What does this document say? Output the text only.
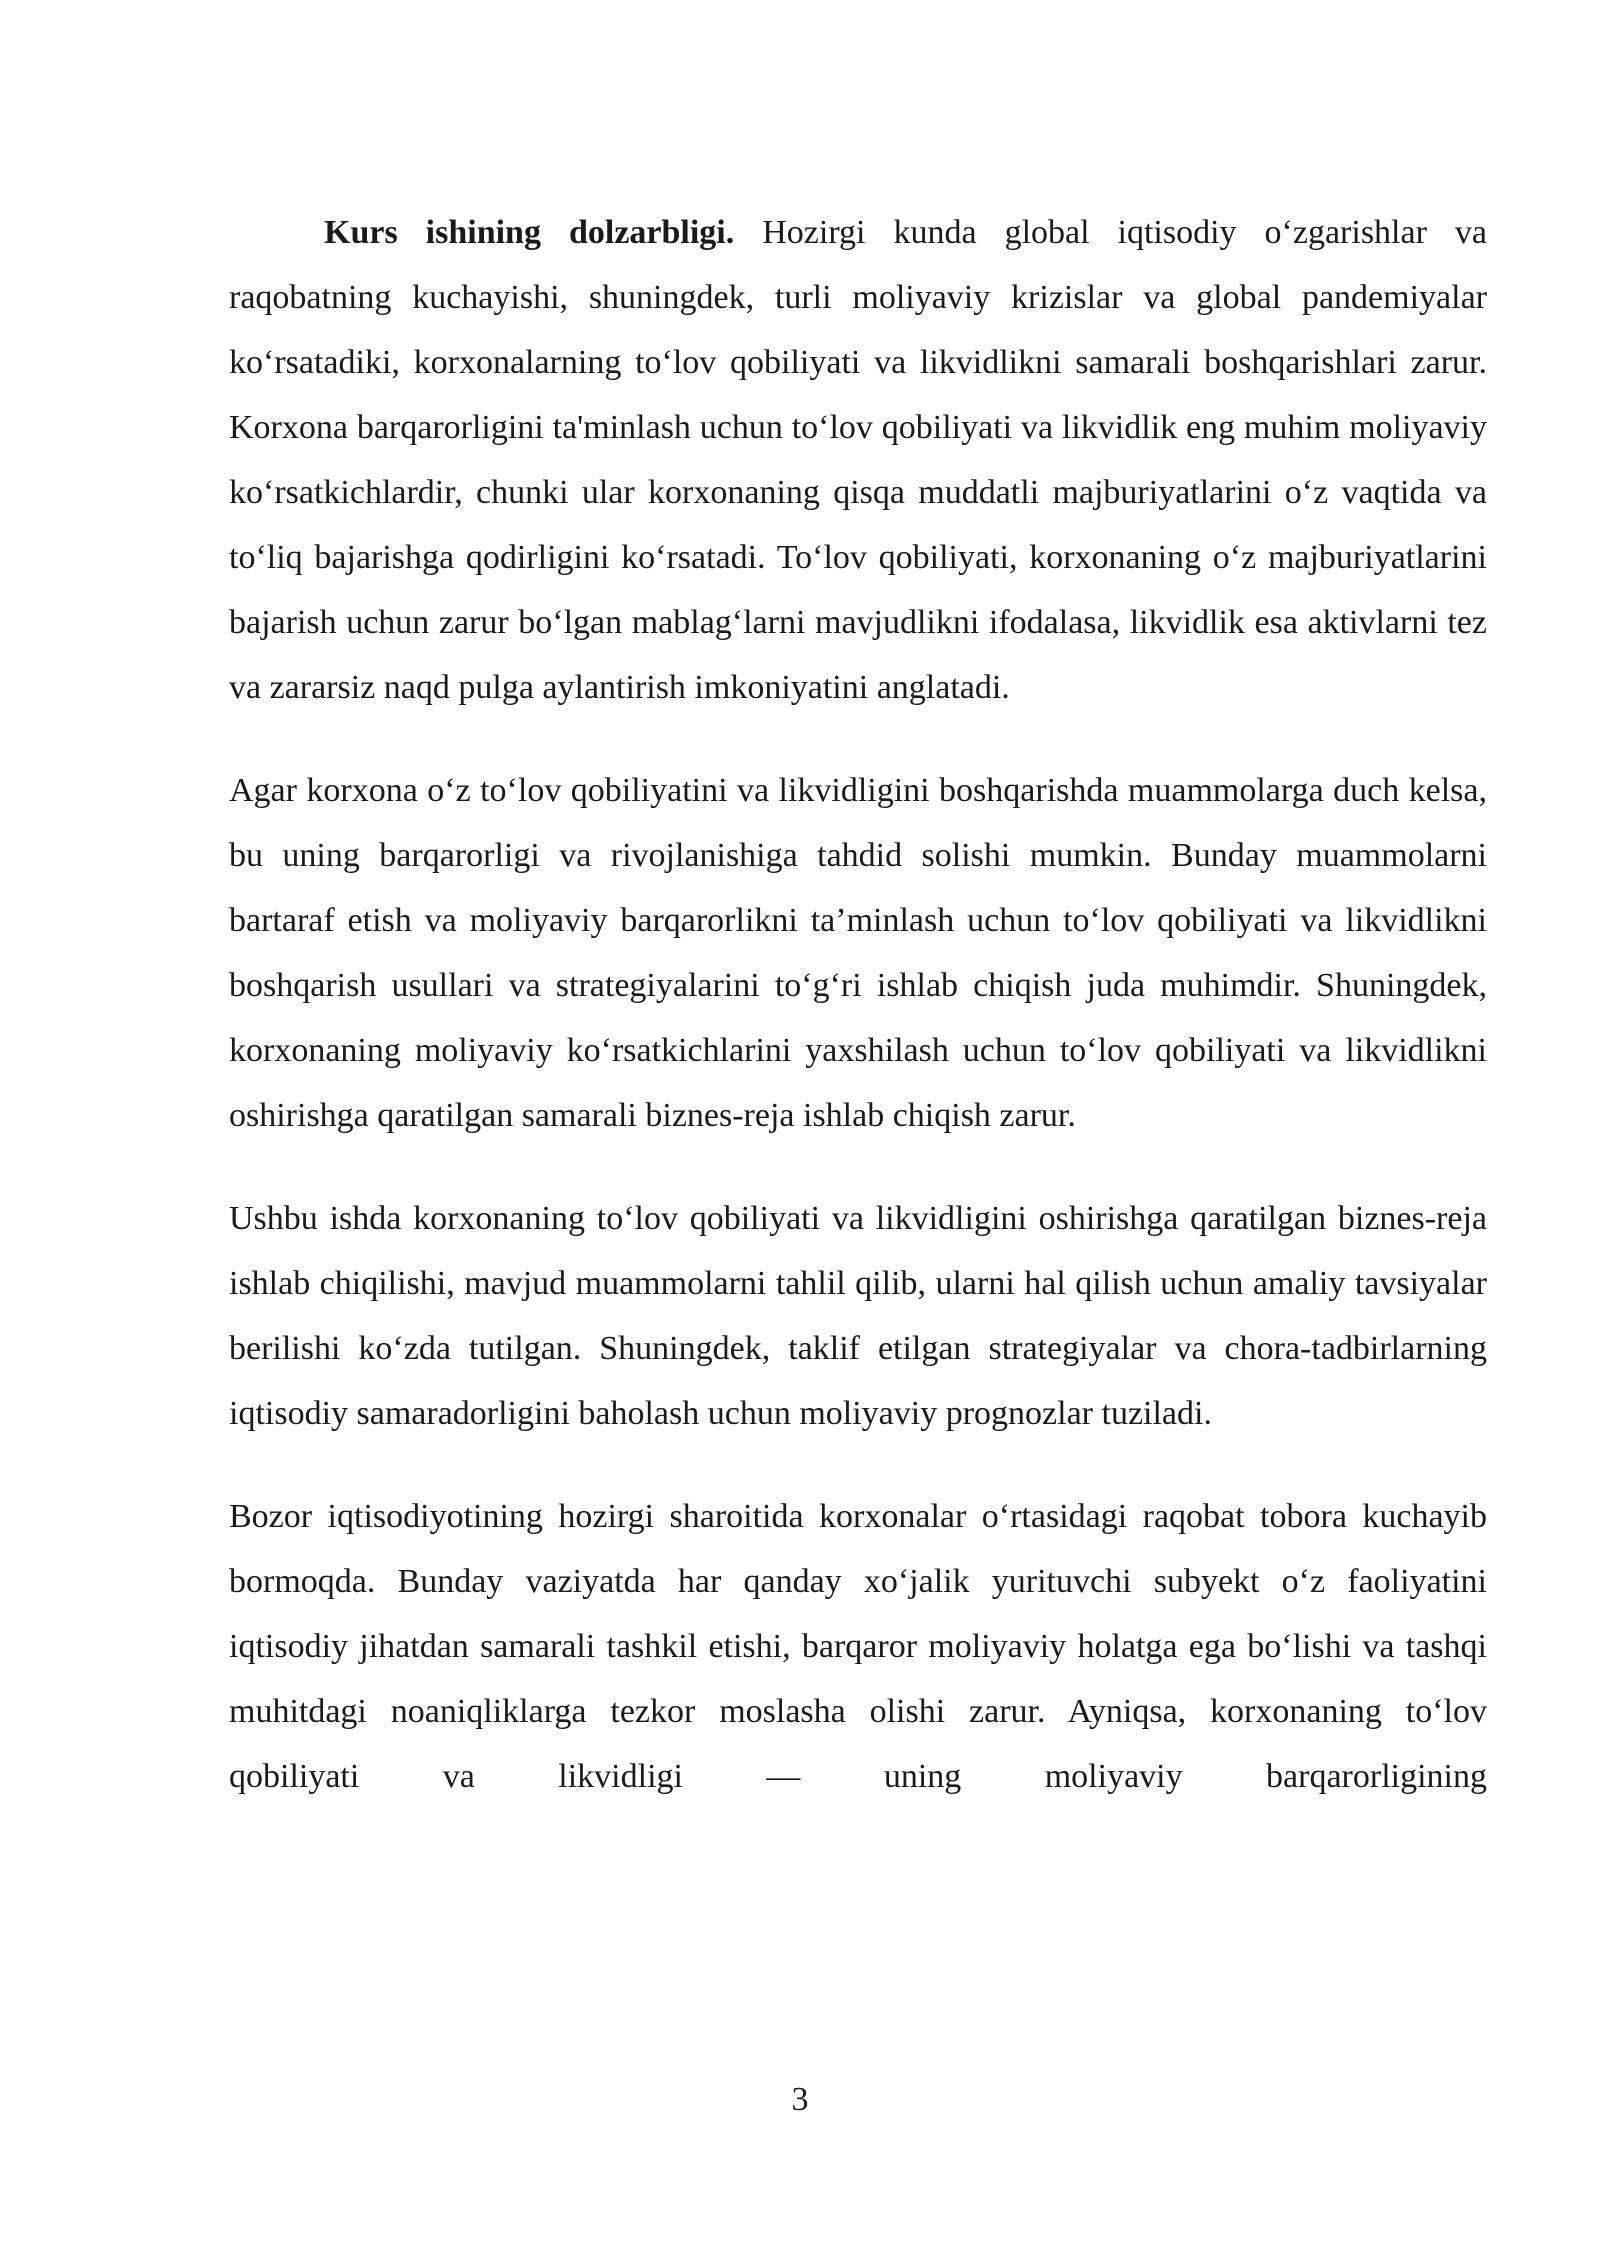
Kurs ishining dolzarbligi. Hozirgi kunda global iqtisodiy o‘zgarishlar va raqobatning kuchayishi, shuningdek, turli moliyaviy krizislar va global pandemiyalar ko‘rsatadiki, korxonalarning to‘lov qobiliyati va likvidlikni samarali boshqarishlari zarur. Korxona barqarorligini ta'minlash uchun to‘lov qobiliyati va likvidlik eng muhim moliyaviy ko‘rsatkichlardir, chunki ular korxonaning qisqa muddatli majburiyatlarini o‘z vaqtida va to‘liq bajarishga qodirligini ko‘rsatadi. To‘lov qobiliyati, korxonaning o‘z majburiyatlarini bajarish uchun zarur bo‘lgan mablag‘larni mavjudlikni ifodalasa, likvidlik esa aktivlarni tez va zararsiz naqd pulga aylantirish imkoniyatini anglatadi.

Agar korxona o‘z to‘lov qobiliyatini va likvidligini boshqarishda muammolarga duch kelsa, bu uning barqarorligi va rivojlanishiga tahdid solishi mumkin. Bunday muammolarni bartaraf etish va moliyaviy barqarorlikni ta’minlash uchun to‘lov qobiliyati va likvidlikni boshqarish usullari va strategiyalarini to‘g‘ri ishlab chiqish juda muhimdir. Shuningdek, korxonaning moliyaviy ko‘rsatkichlarini yaxshilash uchun to‘lov qobiliyati va likvidlikni oshirishga qaratilgan samarali biznes-reja ishlab chiqish zarur.

Ushbu ishda korxonaning to‘lov qobiliyati va likvidligini oshirishga qaratilgan biznes-reja ishlab chiqilishi, mavjud muammolarni tahlil qilib, ularni hal qilish uchun amaliy tavsiyalar berilishi ko‘zda tutilgan. Shuningdek, taklif etilgan strategiyalar va chora-tadbirlarning iqtisodiy samaradorligini baholash uchun moliyaviy prognozlar tuziladi.

Bozor iqtisodiyotining hozirgi sharoitida korxonalar o‘rtasidagi raqobat tobora kuchayib bormoqda. Bunday vaziyatda har qanday xo‘jalik yurituvchi subyekt o‘z faoliyatini iqtisodiy jihatdan samarali tashkil etishi, barqaror moliyaviy holatga ega bo‘lishi va tashqi muhitdagi noaniqliklarga tezkor moslasha olishi zarur. Ayniqsa, korxonaning to‘lov qobiliyati va likvidligi — uning moliyaviy barqarorligining

3
